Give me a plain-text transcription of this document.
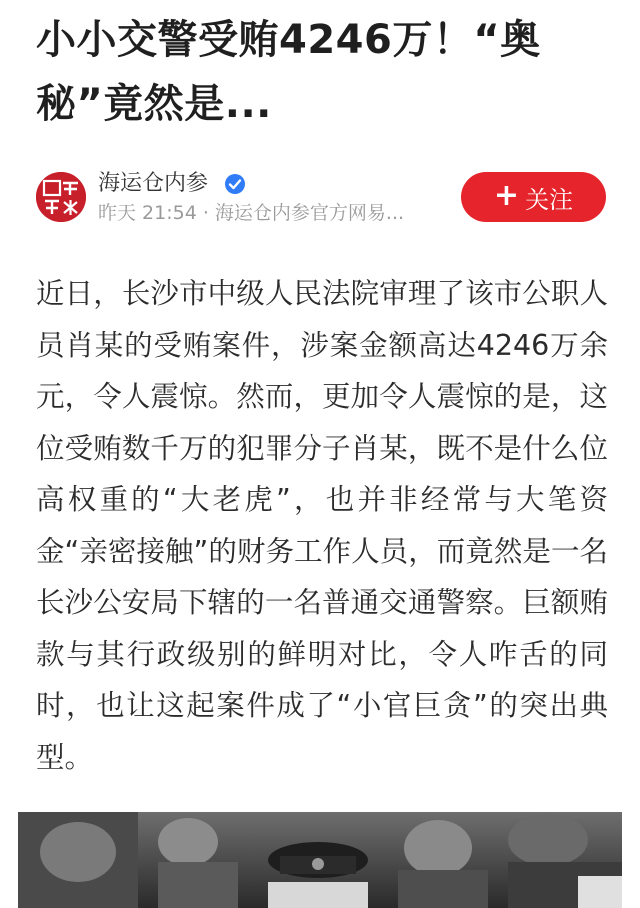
小小交警受贿4246万！“奥秘”竟然是...
海运仓内参
昨天 21:54 · 海运仓内参官方网易...	+ 关注

近日，长沙市中级人民法院审理了该市公职人员肖某的受贿案件，涉案金额高达4246万余元，令人震惊。然而，更加令人震惊的是，这位受贿数千万的犯罪分子肖某，既不是什么位高权重的“大老虎”，也并非经常与大笔资金“亲密接触”的财务工作人员，而竟然是一名长沙公安局下辖的一名普通交通警察。巨额贿款与其行政级别的鲜明对比，令人咋舌的同时，也让这起案件成了“小官巨贪”的突出典型。
